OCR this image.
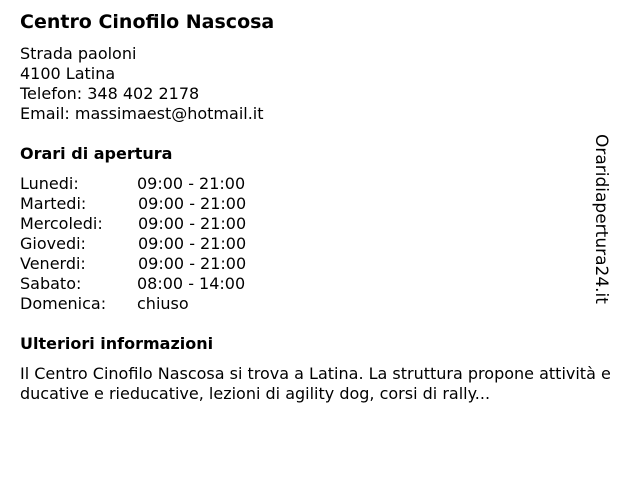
Centro Cinofilo Nascosa
Strada paoloni
4100 Latina
Telefon: 348 402 2178
Email: massimaest@hotmail.it
Orari di apertura
Lunedi:	09:00 - 21:00
Martedi:	09:00 - 21:00
Mercoledi: 09:00 - 21:00
Giovedi:	09:00 - 21:00
Venerdi:	09:00 - 21:00
Sabato:	08:00 - 14:00
Domenica: chiuso
Ulteriori informazioni
Il Centro Cinofilo Nascosa si trova a Latina. La struttura propone attività educative e rieducative, lezioni di agility dog, corsi di rally...
Oraridiapertura24.it
